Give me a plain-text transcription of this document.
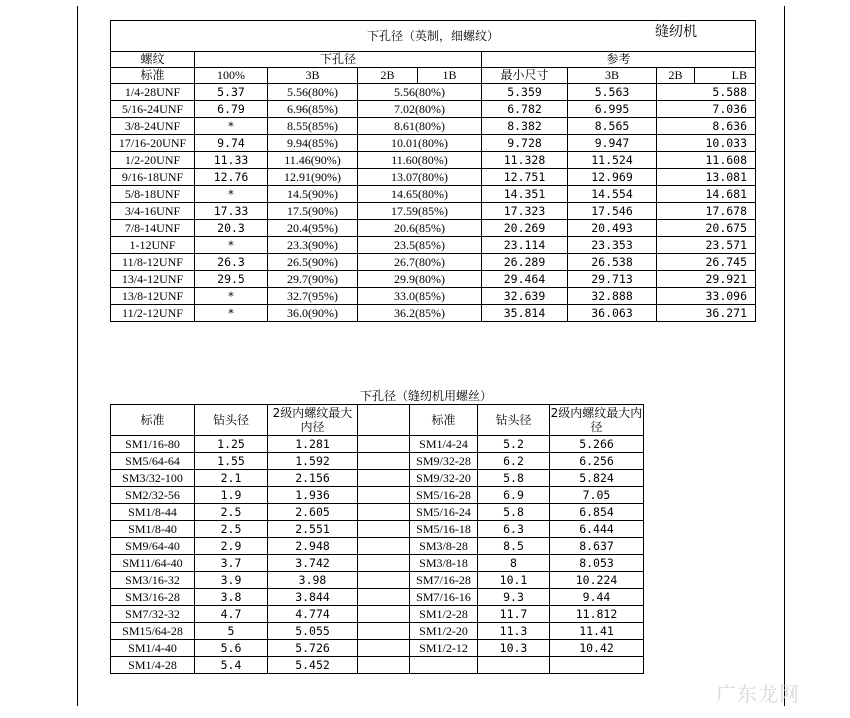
下孔径（英制，细螺纹） 缝纫机								

螺纹	下孔径				参考			
标准	100%	3B	2B	1B	最小尺寸	3B	2B	LB
1/4-28UNF	5.37	5.56(80%)	5.56(80%)		5.359	5.563	5.588	
5/16-24UNF	6.79	6.96(85%)	7.02(80%)		6.782	6.995	7.036	
3/8-24UNF	*	8.55(85%)	8.61(80%)		8.382	8.565	8.636	
17/16-20UNF	9.74	9.94(85%)	10.01(80%)		9.728	9.947	10.033	
1/2-20UNF	11.33	11.46(90%)	11.60(80%)		11.328	11.524	11.608	
9/16-18UNF	12.76	12.91(90%)	13.07(80%)		12.751	12.969	13.081	
5/8-18UNF	*	14.5(90%)	14.65(80%)		14.351	14.554	14.681	
3/4-16UNF	17.33	17.5(90%)	17.59(85%)		17.323	17.546	17.678	
7/8-14UNF	20.3	20.4(95%)	20.6(85%)		20.269	20.493	20.675	
1-12UNF	*	23.3(90%)	23.5(85%)		23.114	23.353	23.571	
11/8-12UNF	26.3	26.5(90%)	26.7(80%)		26.289	26.538	26.745	
13/4-12UNF	29.5	29.7(90%)	29.9(80%)		29.464	29.713	29.921	
13/8-12UNF	*	32.7(95%)	33.0(85%)		32.639	32.888	33.096	
11/2-12UNF	*	36.0(90%)	36.2(85%)		35.814	36.063	36.271	
下孔径（缝纫机用螺丝）
标准	钻头径	2级内螺纹最大内径		标准	钻头径	2级内螺纹最大内径
SM1/16-80	1.25	1.281		SM1/4-24	5.2	5.266
SM5/64-64	1.55	1.592		SM9/32-28	6.2	6.256
SM3/32-100	2.1	2.156		SM9/32-20	5.8	5.824
SM2/32-56	1.9	1.936		SM5/16-28	6.9	7.05
SM1/8-44	2.5	2.605		SM5/16-24	5.8	6.854
SM1/8-40	2.5	2.551		SM5/16-18	6.3	6.444
SM9/64-40	2.9	2.948		SM3/8-28	8.5	8.637
SM11/64-40	3.7	3.742		SM3/8-18	8	8.053
SM3/16-32	3.9	3.98		SM7/16-28	10.1	10.224
SM3/16-28	3.8	3.844		SM7/16-16	9.3	9.44
SM7/32-32	4.7	4.774		SM1/2-28	11.7	11.812
SM15/64-28	5	5.055		SM1/2-20	11.3	11.41
SM1/4-40	5.6	5.726		SM1/2-12	10.3	10.42
SM1/4-28	5.4	5.452				
广东龙网
